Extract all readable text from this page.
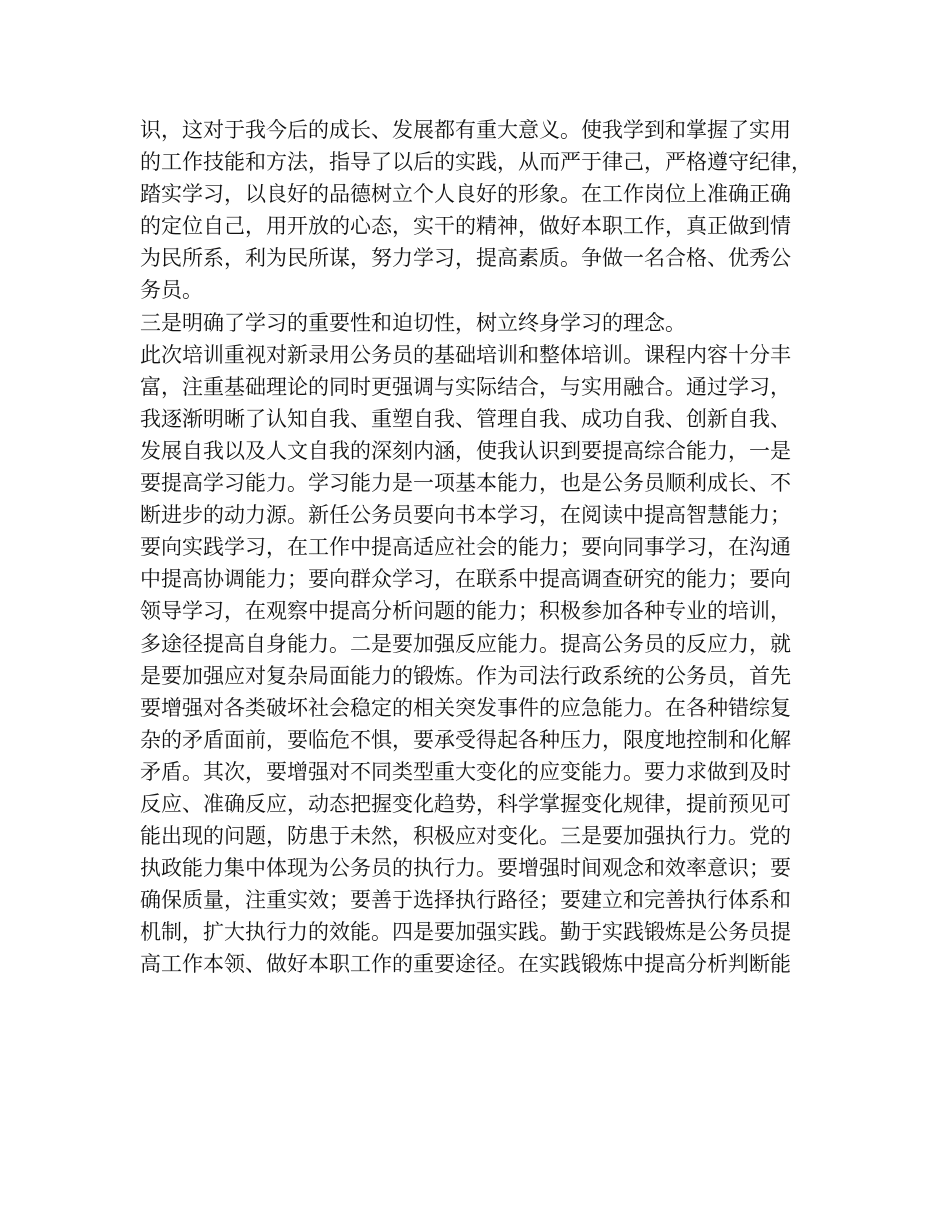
识，这对于我今后的成长、发展都有重大意义。使我学到和掌握了实用
的工作技能和方法，指导了以后的实践，从而严于律己，严格遵守纪律，
踏实学习，以良好的品德树立个人良好的形象。在工作岗位上准确正确
的定位自己，用开放的心态，实干的精神，做好本职工作，真正做到情
为民所系，利为民所谋，努力学习，提高素质。争做一名合格、优秀公
务员。
三是明确了学习的重要性和迫切性，树立终身学习的理念。
此次培训重视对新录用公务员的基础培训和整体培训。课程内容十分丰
富，注重基础理论的同时更强调与实际结合，与实用融合。通过学习，
我逐渐明晰了认知自我、重塑自我、管理自我、成功自我、创新自我、
发展自我以及人文自我的深刻内涵，使我认识到要提高综合能力，一是
要提高学习能力。学习能力是一项基本能力，也是公务员顺利成长、不
断进步的动力源。新任公务员要向书本学习，在阅读中提高智慧能力；
要向实践学习，在工作中提高适应社会的能力；要向同事学习，在沟通
中提高协调能力；要向群众学习，在联系中提高调查研究的能力；要向
领导学习，在观察中提高分析问题的能力；积极参加各种专业的培训，
多途径提高自身能力。二是要加强反应能力。提高公务员的反应力，就
是要加强应对复杂局面能力的锻炼。作为司法行政系统的公务员，首先
要增强对各类破坏社会稳定的相关突发事件的应急能力。在各种错综复
杂的矛盾面前，要临危不惧，要承受得起各种压力，限度地控制和化解
矛盾。其次，要增强对不同类型重大变化的应变能力。要力求做到及时
反应、准确反应，动态把握变化趋势，科学掌握变化规律，提前预见可
能出现的问题，防患于未然，积极应对变化。三是要加强执行力。党的
执政能力集中体现为公务员的执行力。要增强时间观念和效率意识；要
确保质量，注重实效；要善于选择执行路径；要建立和完善执行体系和
机制，扩大执行力的效能。四是要加强实践。勤于实践锻炼是公务员提
高工作本领、做好本职工作的重要途径。在实践锻炼中提高分析判断能
